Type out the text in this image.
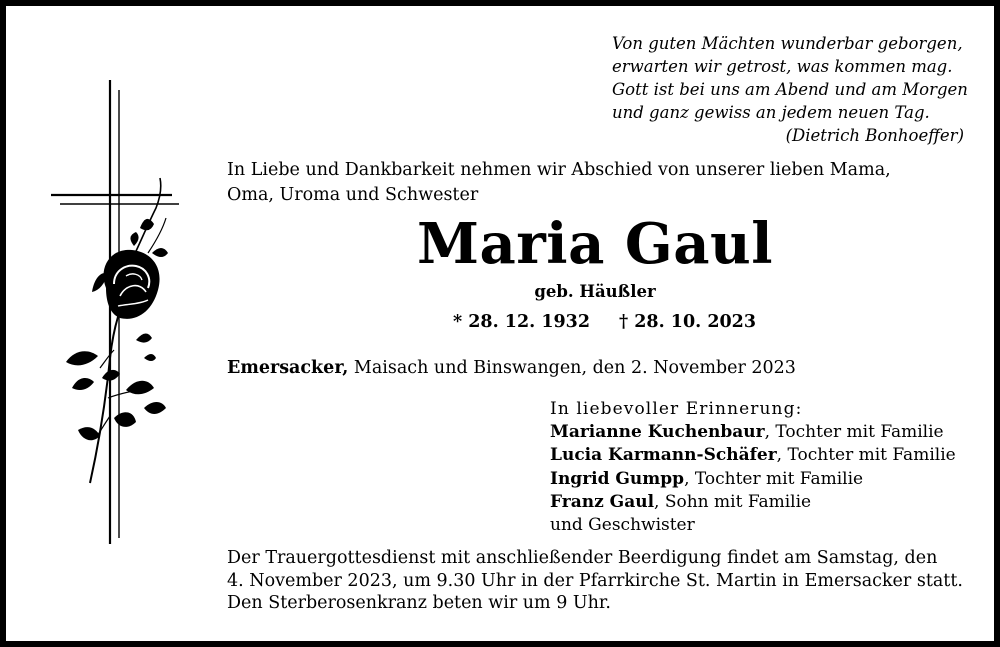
Von guten Mächten wunderbar geborgen,
erwarten wir getrost, was kommen mag.
Gott ist bei uns am Abend und am Morgen
und ganz gewiss an jedem neuen Tag.
(Dietrich Bonhoeffer)
In Liebe und Dankbarkeit nehmen wir Abschied von unserer lieben Mama,
Oma, Uroma und Schwester
Maria Gaul
geb. Häußler
* 28. 12. 1932 † 28. 10. 2023
Emersacker, Maisach und Binswangen, den 2. November 2023
In liebevoller Erinnerung:
Marianne Kuchenbaur, Tochter mit Familie
Lucia Karmann-Schäfer, Tochter mit Familie
Ingrid Gumpp, Tochter mit Familie
Franz Gaul, Sohn mit Familie
und Geschwister
Der Trauergottesdienst mit anschließender Beerdigung findet am Samstag, den
4. November 2023, um 9.30 Uhr in der Pfarrkirche St. Martin in Emersacker statt.
Den Sterberosenkranz beten wir um 9 Uhr.
